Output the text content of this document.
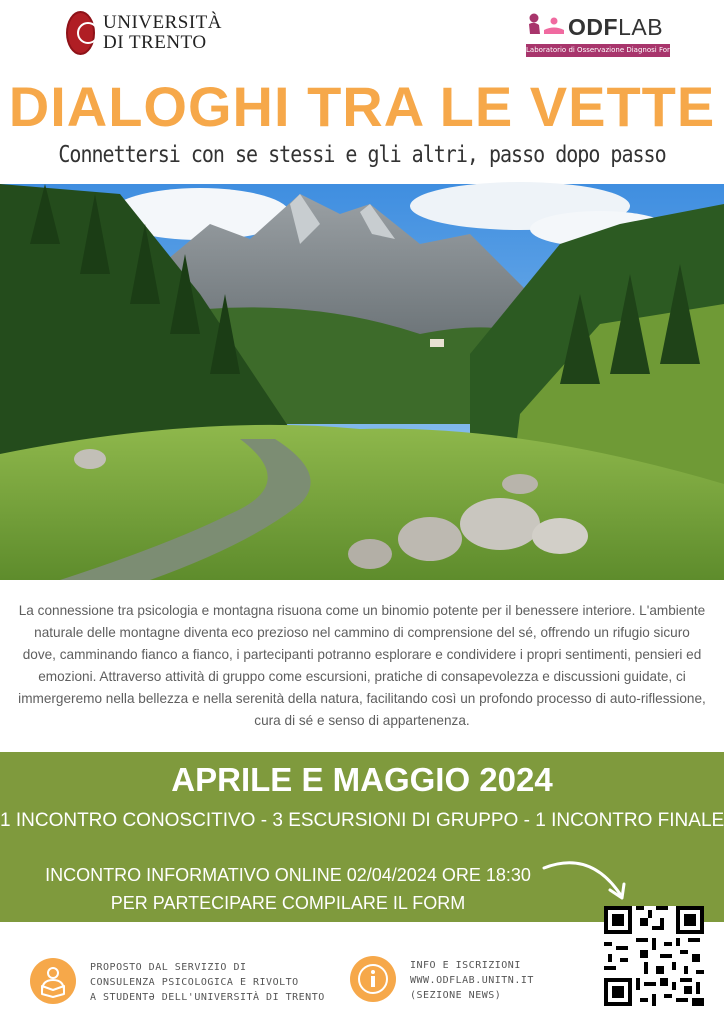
UNIVERSITÀ
DI TRENTO
ODFLAB
Laboratorio di Osservazione Diagnosi Formazione
DIALOGHI TRA LE VETTE
Connettersi con se stessi e gli altri, passo dopo passo

La connessione tra psicologia e montagna risuona come un binomio potente per il benessere interiore. L'ambiente naturale delle montagne diventa eco prezioso nel cammino di comprensione del sé, offrendo un rifugio sicuro dove, camminando fianco a fianco, i partecipanti potranno esplorare e condividere i propri sentimenti, pensieri ed emozioni. Attraverso attività di gruppo come escursioni, pratiche di consapevolezza e discussioni guidate, ci immergeremo nella bellezza e nella serenità della natura, facilitando così un profondo processo di auto-riflessione, cura di sé e senso di appartenenza.

APRILE E MAGGIO 2024
1 INCONTRO CONOSCITIVO - 3 ESCURSIONI DI GRUPPO - 1 INCONTRO FINALE
INCONTRO INFORMATIVO ONLINE 02/04/2024 ORE 18:30
PER PARTECIPARE COMPILARE IL FORM
PROPOSTO DAL SERVIZIO DI
CONSULENZA PSICOLOGICA E RIVOLTO
A STUDENTƏ DELL'UNIVERSITÀ DI TRENTO
INFO E ISCRIZIONI
WWW.ODFLAB.UNITN.IT
(SEZIONE NEWS)
